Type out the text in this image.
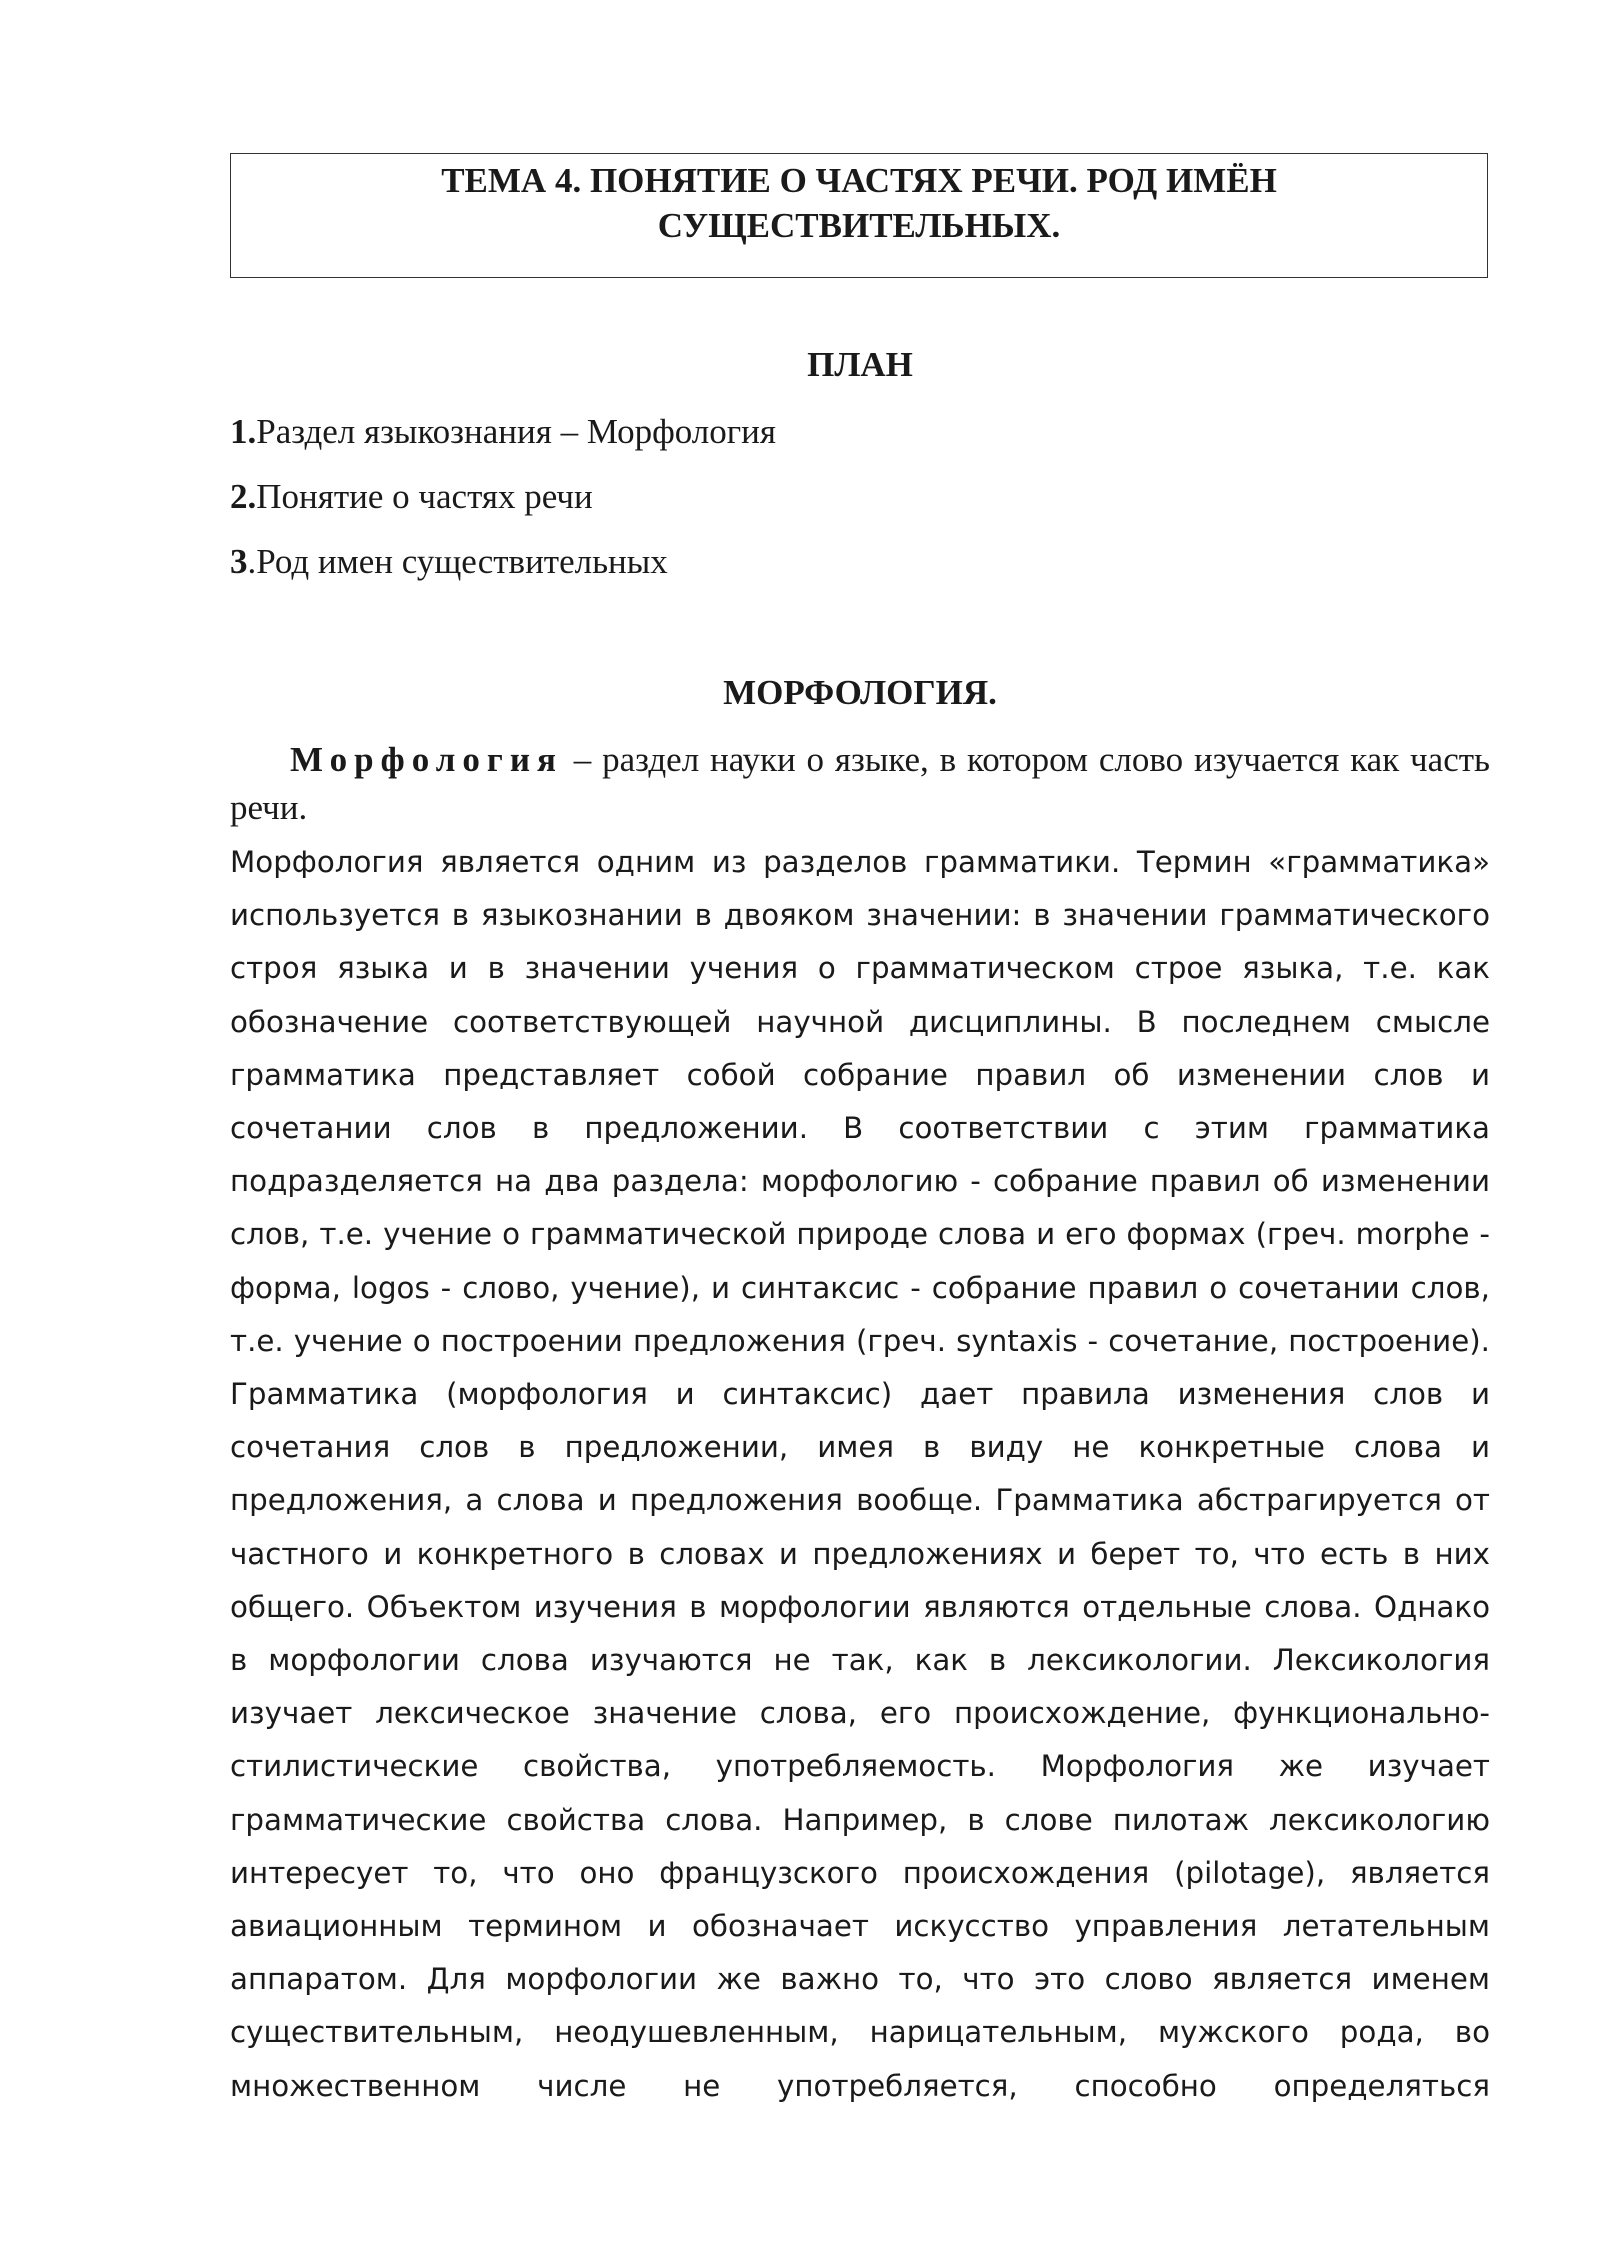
ТЕМА 4. ПОНЯТИЕ О ЧАСТЯХ РЕЧИ. РОД ИМЁН
СУЩЕСТВИТЕЛЬНЫХ.
ПЛАН
1.Раздел языкознания – Морфология
2.Понятие о частях речи
3.Род имен существительных
МОРФОЛОГИЯ.

Морфология – раздел науки о языке, в котором слово изучается как часть речи.

Морфология является одним из разделов грамматики. Термин «грамматика» используется в языкознании в двояком значении: в значении грамматического строя языка и в значении учения о грамматическом строе языка, т.е. как обозначение соответствующей научной дисциплины. В последнем смысле грамматика представляет собой собрание правил об изменении слов и сочетании слов в предложении. В соответствии с этим грамматика подразделяется на два раздела: морфологию - собрание правил об изменении слов, т.е. учение о грамматической природе слова и его формах (греч. morphe - форма, logos - слово, учение), и синтаксис - собрание правил о сочетании слов, т.е. учение о построении предложения (греч. syntaxis - сочетание, построение). Грамматика (морфология и синтаксис) дает правила изменения слов и сочетания слов в предложении, имея в виду не конкретные слова и предложения, а слова и предложения вообще. Грамматика абстрагируется от частного и конкретного в словах и предложениях и берет то, что есть в них общего. Объектом изучения в морфологии являются отдельные слова. Однако в морфологии слова изучаются не так, как в лексикологии. Лексикология изучает лексическое значение слова, его происхождение, функционально-стилистические свойства, употребляемость. Морфология же изучает грамматические свойства слова. Например, в слове пилотаж лексикологию интересует то, что оно французского происхождения (pilotage), является авиационным термином и обозначает искусство управления летательным аппаратом. Для морфологии же важно то, что это слово является именем существительным, неодушевленным, нарицательным, мужского рода, во множественном числе не употребляется, способно определяться
